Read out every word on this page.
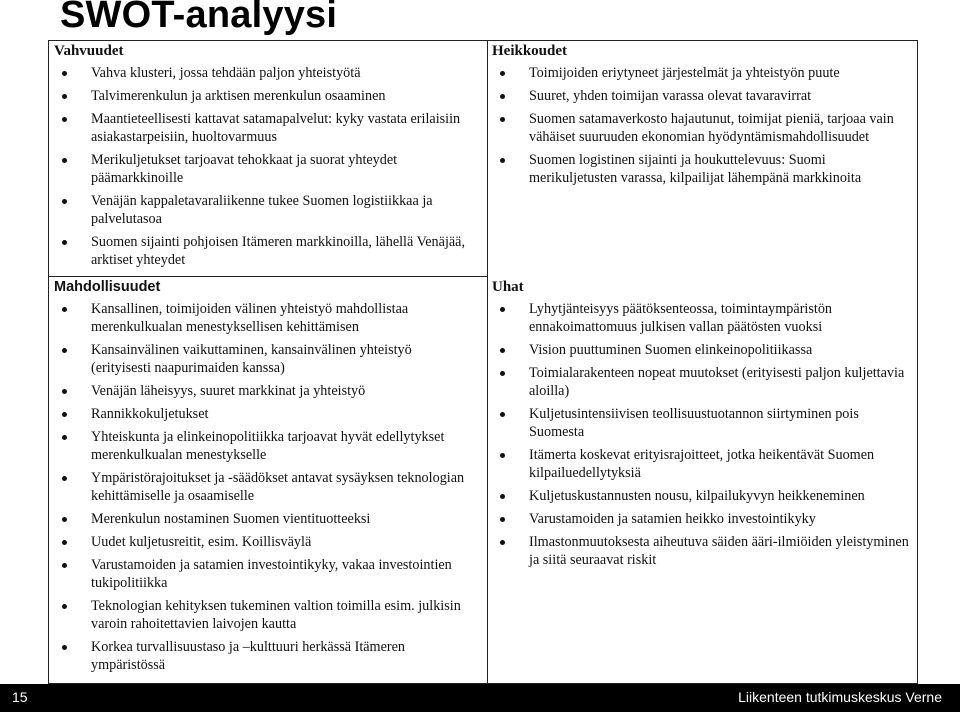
SWOT-analyysi
Vahvuudet
Vahva klusteri, jossa tehdään paljon yhteistyötä
Talvimerenkulun ja arktisen merenkulun osaaminen
Maantieteellisesti kattavat satamapalvelut: kyky vastata erilaisiin asiakastarpeisiin, huoltovarmuus
Merikuljetukset tarjoavat tehokkaat ja suorat yhteydet päämarkkinoille
Venäjän kappaletavaraliikenne tukee Suomen logistiikkaa ja palvelutasoa
Suomen sijainti pohjoisen Itämeren markkinoilla, lähellä Venäjää, arktiset yhteydet
Heikkoudet
Toimijoiden eriytyneet järjestelmät ja yhteistyön puute
Suuret, yhden toimijan varassa olevat tavaravirrat
Suomen satamaverkosto hajautunut, toimijat pieniä, tarjoaa vain vähäiset suuruuden ekonomian hyödyntämismahdollisuudet
Suomen logistinen sijainti ja houkuttelevuus: Suomi merikuljetusten varassa, kilpailijat lähempänä markkinoita
Mahdollisuudet
Kansallinen, toimijoiden välinen yhteistyö mahdollistaa merenkulkualan menestyksellisen kehittämisen
Kansainvälinen vaikuttaminen, kansainvälinen yhteistyö (erityisesti naapurimaiden kanssa)
Venäjän läheisyys, suuret markkinat ja yhteistyö
Rannikkokuljetukset
Yhteiskunta ja elinkeinopolitiikka tarjoavat hyvät edellytykset merenkulkualan menestykselle
Ympäristörajoitukset ja -säädökset antavat sysäyksen teknologian kehittämiselle ja osaamiselle
Merenkulun nostaminen Suomen vientituotteeksi
Uudet kuljetusreitit, esim. Koillisväylä
Varustamoiden ja satamien investointikyky, vakaa investointien tukipolitiikka
Teknologian kehityksen tukeminen valtion toimilla esim. julkisin varoin rahoitettavien laivojen kautta
Korkea turvallisuustaso ja –kulttuuri herkässä Itämeren ympäristössä
Uhat
Lyhytjänteisyys päätöksenteossa, toimintaympäristön ennakoimattomuus julkisen vallan päätösten vuoksi
Vision puuttuminen Suomen elinkeinopolitiikassa
Toimialarakenteen nopeat muutokset (erityisesti paljon kuljettavia aloilla)
Kuljetusintensiivisen teollisuustuotannon siirtyminen pois Suomesta
Itämerta koskevat erityisrajoitteet, jotka heikentävät Suomen kilpailuedellytyksiä
Kuljetuskustannusten nousu, kilpailukyvyn heikkeneminen
Varustamoiden ja satamien heikko investointikyky
Ilmastonmuutoksesta aiheutuva säiden ääri-ilmiöiden yleistyminen ja siitä seuraavat riskit
15	Liikenteen tutkimuskeskus Verne
